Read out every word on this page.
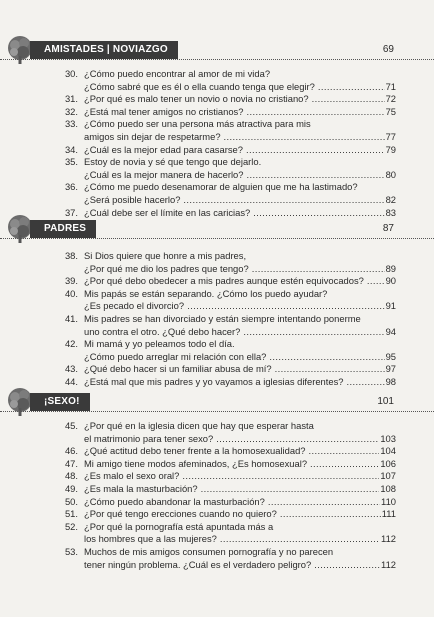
AMISTADES | NOVIAZGO	69
30. ¿Cómo puedo encontrar al amor de mi vida?
¿Cómo sabré que es él o ella cuando tenga que elegir?	71
.....
31. ¿Por qué es malo tener un novio o novia no cristiano?	72
.....
32. ¿Está mal tener amigos no cristianos?	75
.....
33. ¿Cómo puedo ser una persona más atractiva para mis
amigos sin dejar de respetarme?	77
.....
34. ¿Cuál es la mejor edad para casarse?	79
.....
35. Estoy de novia y sé que tengo que dejarlo.
¿Cuál es la mejor manera de hacerlo?	80
.....
36. ¿Cómo me puedo desenamorar de alguien que me ha lastimado?
¿Será posible hacerlo?	82
.....
37. ¿Cuál debe ser el límite en las caricias?	83
.....
PADRES	87
38. Si Dios quiere que honre a mis padres,
¿Por qué me dio los padres que tengo?	89
.....
39. ¿Por qué debo obedecer a mis padres aunque estén equivocados? 90
.....
40. Mis papás se están separando. ¿Cómo los puedo ayudar?
¿Es pecado el divorcio?	91
.....
41. Mis padres se han divorciado y están siempre intentando ponerme
uno contra el otro. ¿Qué debo hacer?	94
.....
42. Mi mamá y yo peleamos todo el día.
¿Cómo puedo arreglar mi relación con ella?	95
.....
43. ¿Qué debo hacer si un familiar abusa de mí?	97
.....
44. ¿Está mal que mis padres y yo vayamos a iglesias diferentes?	98
.....
¡SEXO!	101
45. ¿Por qué en la iglesia dicen que hay que esperar hasta
el matrimonio para tener sexo?	103
.....
46. ¿Qué actitud debo tener frente a la homosexualidad?	104
.....
47. Mi amigo tiene modos afeminados, ¿Es homosexual?	106
.....
48. ¿Es malo el sexo oral?	107
.....
49. ¿Es mala la masturbación?	108
.....
50. ¿Cómo puedo abandonar la masturbación?	110
.....
51. ¿Por qué tengo erecciones cuando no quiero?	111
.....
52. ¿Por qué la pornografía está apuntada más a
los hombres que a las mujeres?	112
.....
53. Muchos de mis amigos consumen pornografía y no parecen
tener ningún problema. ¿Cuál es el verdadero peligro?	112
.....
